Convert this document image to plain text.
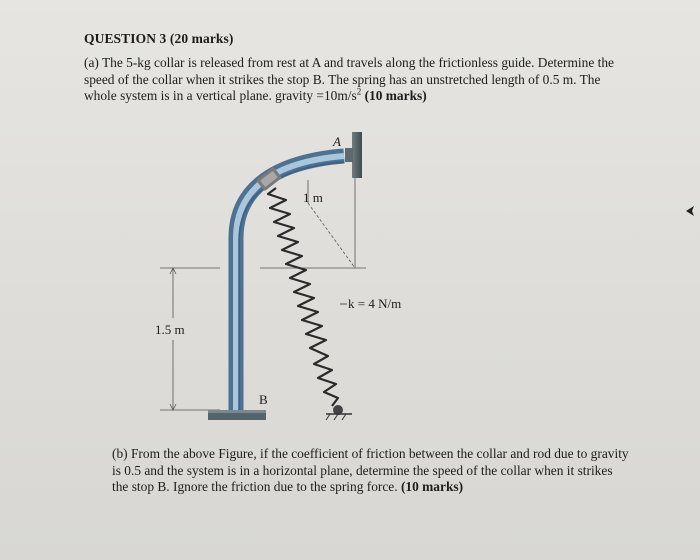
QUESTION 3 (20 marks)

(a) The 5-kg collar is released from rest at A and travels along the frictionless guide. Determine the speed of the collar when it strikes the stop B. The spring has an unstretched length of 0.5 m. The whole system is in a vertical plane. gravity $=10m/s^2$ (10 marks)

A
B
1 m
1.5 m
k = 4 N/m

(b) From the above Figure, if the coefficient of friction between the collar and rod due to gravity is 0.5 and the system is in a horizontal plane, determine the speed of the collar when it strikes the stop B. Ignore the friction due to the spring force. (10 marks)
